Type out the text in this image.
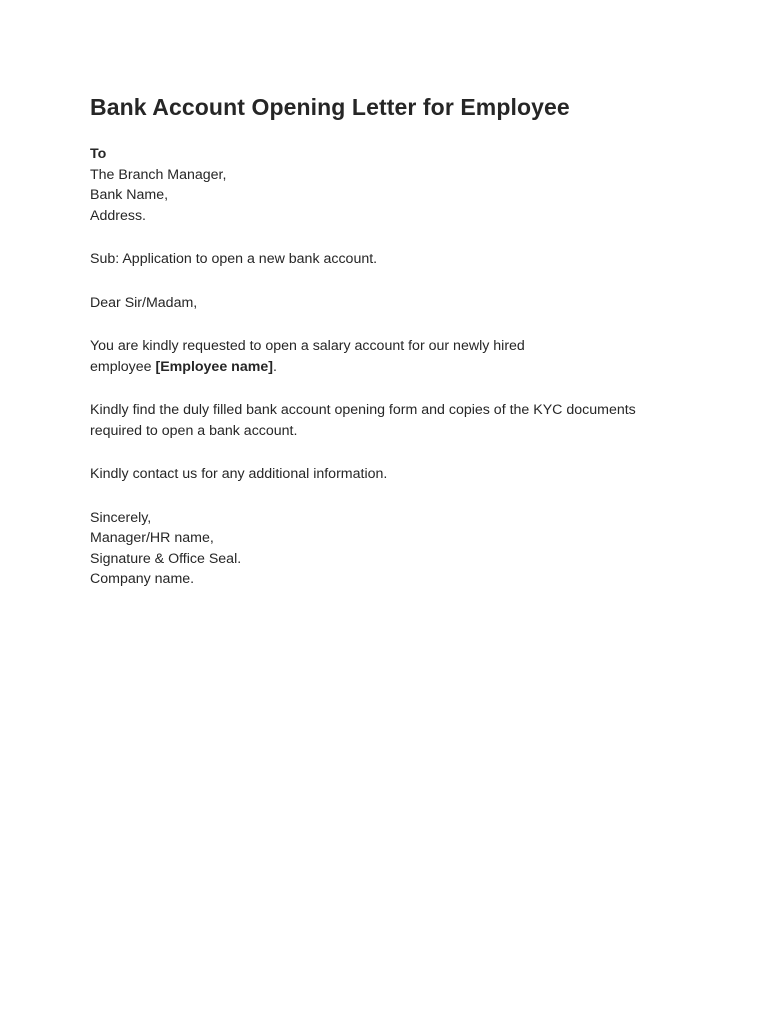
Bank Account Opening Letter for Employee
To
The Branch Manager,
Bank Name,
Address.

Sub: Application to open a new bank account.

Dear Sir/Madam,

You are kindly requested to open a salary account for our newly hired
employee [Employee name].
Kindly find the duly filled bank account opening form and copies of the KYC documents
required to open a bank account.

Kindly contact us for any additional information.

Sincerely,
Manager/HR name,
Signature & Office Seal.
Company name.
